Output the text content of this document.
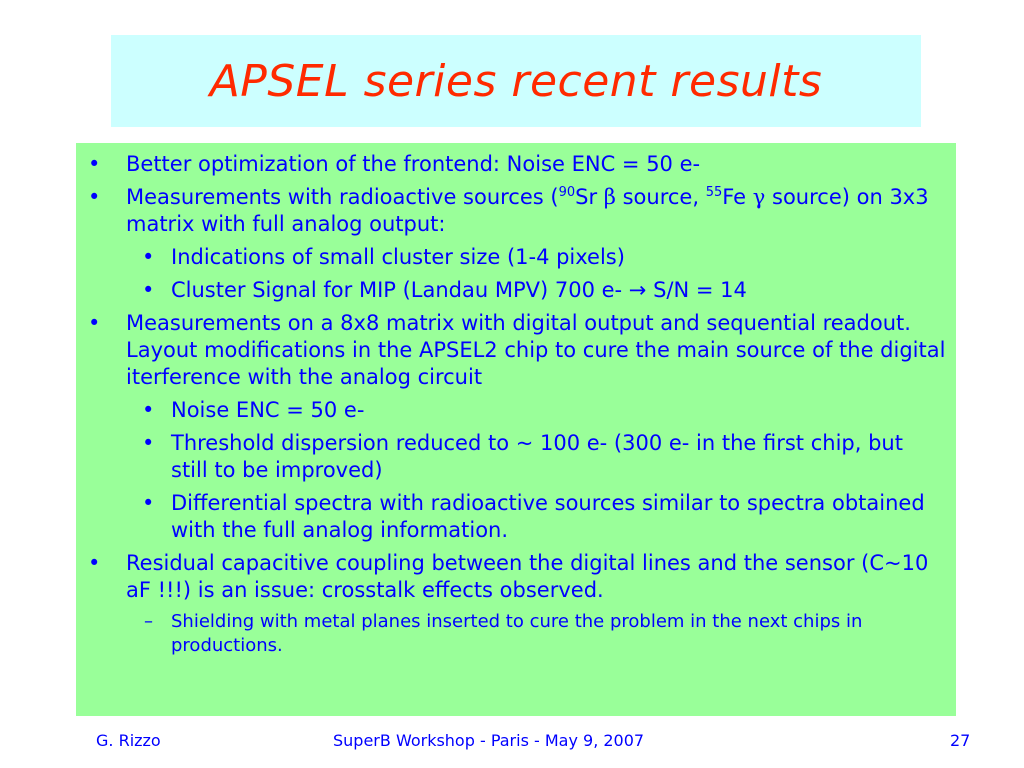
APSEL series recent results
• Better optimization of the frontend: Noise ENC = 50 e-
• Measurements with radioactive sources ($^{90}$Sr β source, $^{55}$Fe γ source) on 3x3 matrix with full analog output:
• Indications of small cluster size (1-4 pixels)
• Cluster Signal for MIP (Landau MPV) 700 e- → S/N = 14
• Measurements on a 8x8 matrix with digital output and sequential readout. Layout modifications in the APSEL2 chip to cure the main source of the digital iterference with the analog circuit
• Noise ENC = 50 e-
• Threshold dispersion reduced to ~ 100 e- (300 e- in the first chip, but still to be improved)
• Differential spectra with radioactive sources similar to spectra obtained with the full analog information.
• Residual capacitive coupling between the digital lines and the sensor (C~10 aF !!!) is an issue: crosstalk effects observed.
– Shielding with metal planes inserted to cure the problem in the next chips in productions.
G. Rizzo	SuperB Workshop - Paris - May 9, 2007	27
